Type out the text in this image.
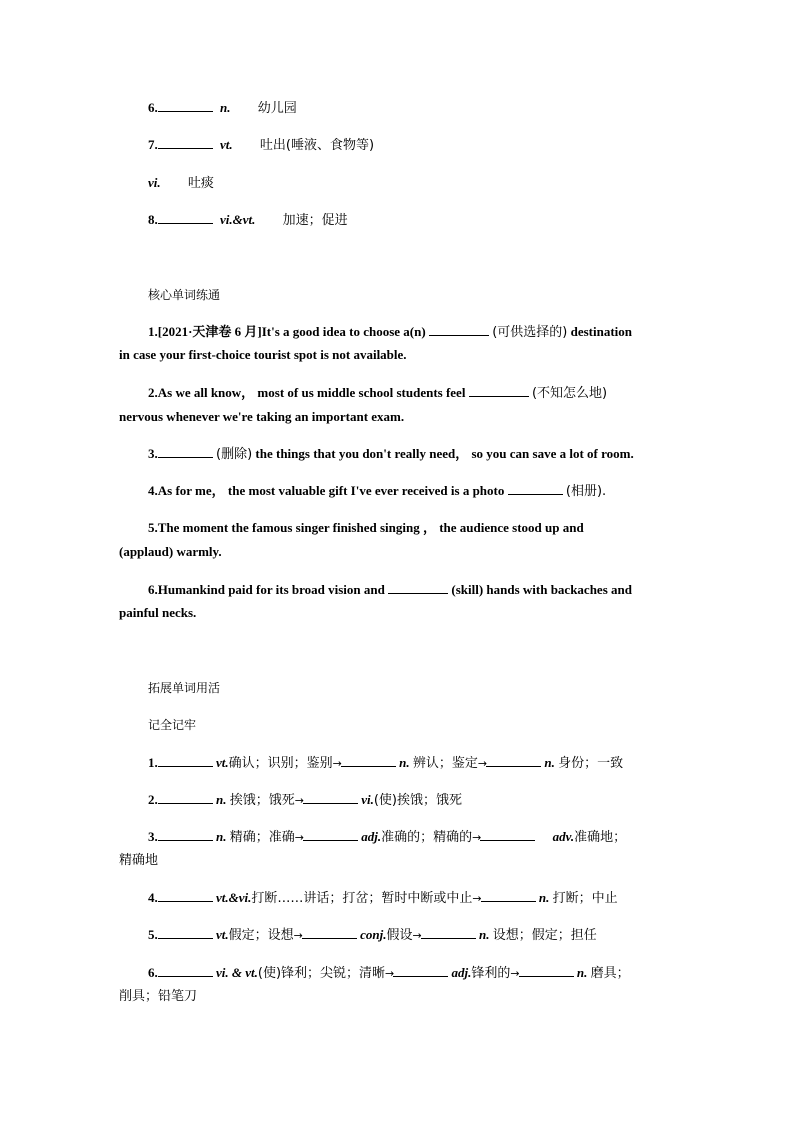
6.	n. 幼儿园
7.	vt. 吐出(唾液、食物等)
vi. 吐痰
8.	vi.&vt. 加速；促进
核心单词练通
1.[2021·天津卷 6 月]It's a good idea to choose a(n)	(可供选择的) destination
in case your first-choice tourist spot is not available.
2.As we all know， most of us middle school students feel	(不知怎么地)
nervous whenever we're taking an important exam.
3.	(删除) the things that you don't really need， so you can save a lot of room.
4.As for me， the most valuable gift I've ever received is a photo	(相册).
5.The moment the famous singer finished singing ， the audience stood up and
(applaud) warmly.
6.Humankind paid for its broad vision and	(skill) hands with backaches and
painful necks.
拓展单词用活
记全记牢
1.	vt.确认；识别；鉴别→	n. 辨认；鉴定→	n. 身份；一致
2.	n. 挨饿；饿死→	vi.(使)挨饿；饿死
3.	n. 精确；准确→	adj.准确的；精确的→	adv.准确地；
精确地
4.	vt.&vi.打断……讲话；打岔；暂时中断或中止→	n. 打断；中止
5.	vt.假定；设想→	conj.假设→	n. 设想；假定；担任
6.	vi. & vt.(使)锋利；尖锐；清晰→	adj.锋利的→	n. 磨具；
削具；铅笔刀
